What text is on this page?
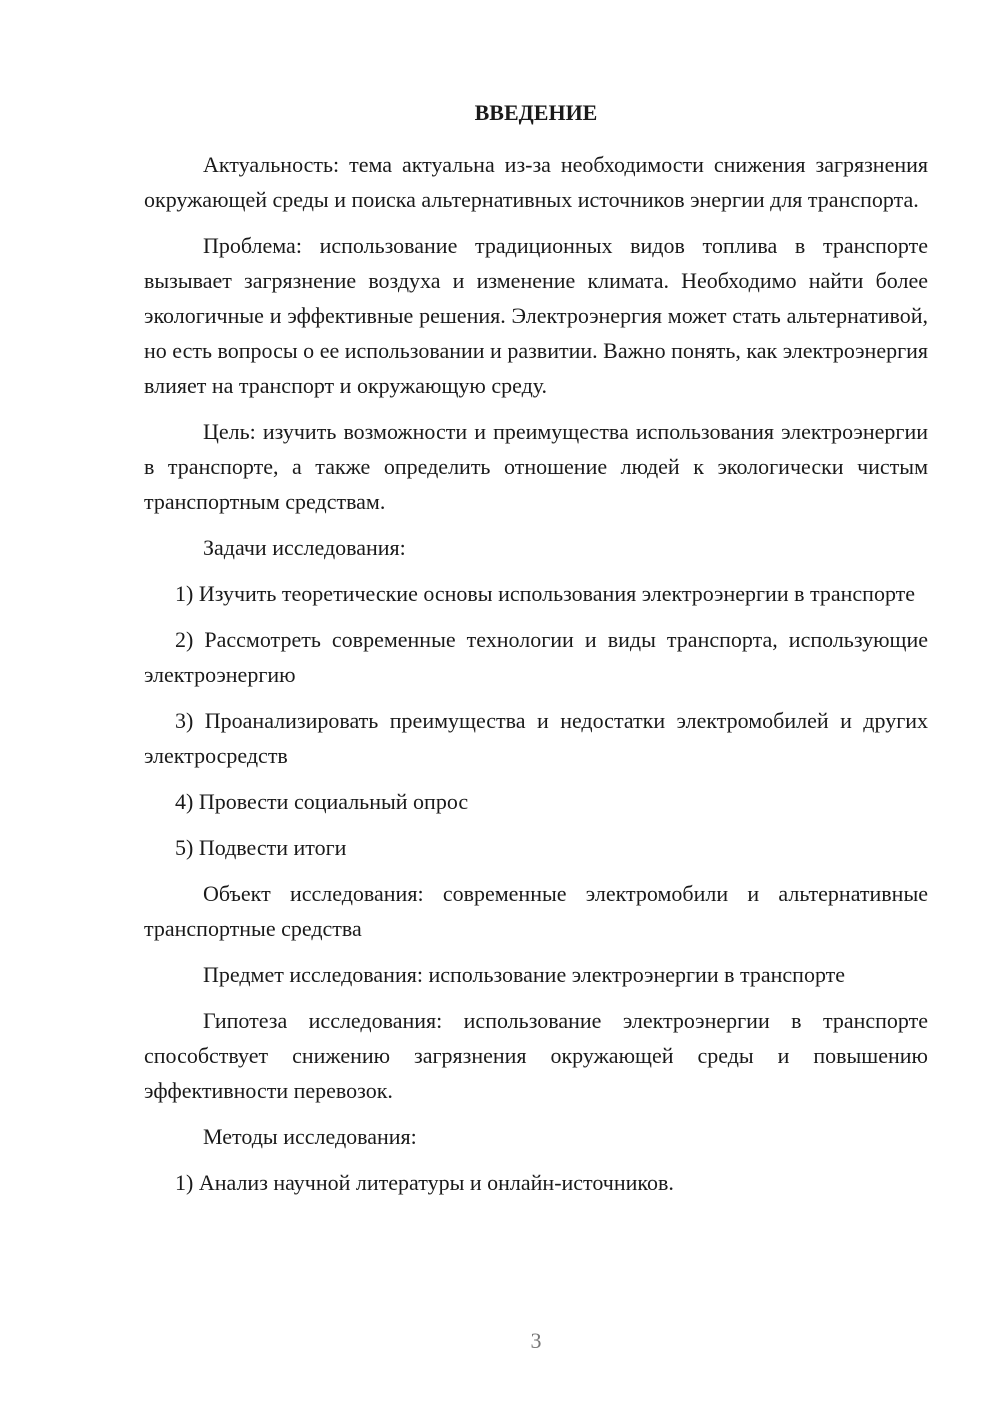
ВВЕДЕНИЕ

Актуальность: тема актуальна из-за необходимости снижения загрязнения окружающей среды и поиска альтернативных источников энергии для транспорта.

Проблема: использование традиционных видов топлива в транспорте вызывает загрязнение воздуха и изменение климата. Необходимо найти более экологичные и эффективные решения. Электроэнергия может стать альтернативой, но есть вопросы о ее использовании и развитии. Важно понять, как электроэнергия влияет на транспорт и окружающую среду.

Цель: изучить возможности и преимущества использования электроэнергии в транспорте, а также определить отношение людей к экологически чистым транспортным средствам.

Задачи исследования:

1) Изучить теоретические основы использования электроэнергии в транспорте

2) Рассмотреть современные технологии и виды транспорта, использующие электроэнергию

3) Проанализировать преимущества и недостатки электромобилей и других электросредств

4) Провести социальный опрос

5) Подвести итоги

Объект исследования: современные электромобили и альтернативные транспортные средства

Предмет исследования: использование электроэнергии в транспорте

Гипотеза исследования: использование электроэнергии в транспорте способствует снижению загрязнения окружающей среды и повышению эффективности перевозок.

Методы исследования:

1) Анализ научной литературы и онлайн-источников.

3
